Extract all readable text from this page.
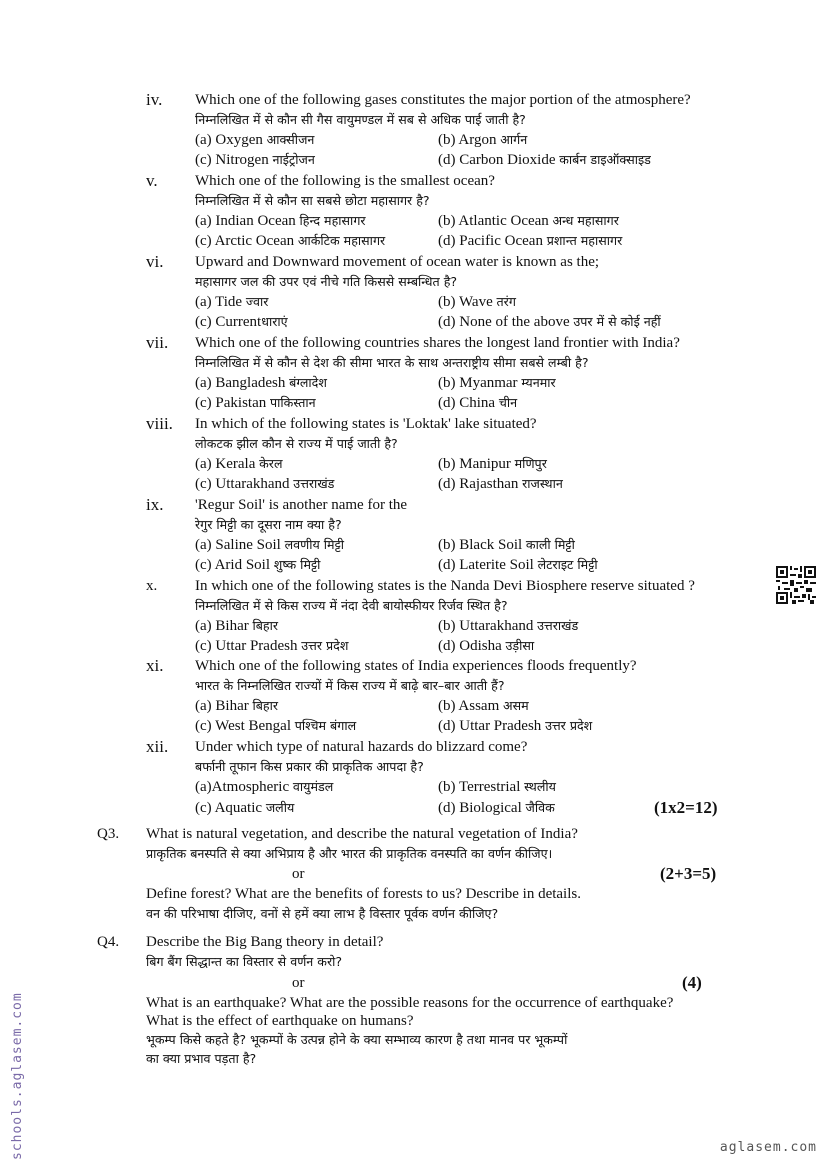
iv. Which one of the following gases constitutes the major portion of the atmosphere?
निम्नलिखित में से कौन सी गैस वायुमण्डल में सब से अधिक पाई जाती है?
(a) Oxygen आक्सीजन	(b) Argon आर्गन
(c) Nitrogen नाईट्रोजन	(d) Carbon Dioxide कार्बन डाइऑक्साइड
v. Which one of the following is the smallest ocean?
निम्नलिखित में से कौन सा सबसे छोटा महासागर है?
(a) Indian Ocean हिन्द महासागर	(b) Atlantic Ocean अन्ध महासागर
(c) Arctic Ocean आर्कटिक महासागर	(d) Pacific Ocean प्रशान्त महासागर
vi. Upward and Downward movement of ocean water is known as the;
महासागर जल की उपर एवं नीचे गति किससे सम्बन्धित है?
(a) Tide ज्वार	(b) Wave तरंग
(c) Currentधाराएं	(d) None of the above उपर में से कोई नहीं
vii. Which one of the following countries shares the longest land frontier with India?
निम्नलिखित में से कौन से देश की सीमा भारत के साथ अन्तराष्ट्रीय सीमा सबसे लम्बी है?
(a) Bangladesh बंग्लादेश	(b) Myanmar म्यनमार
(c) Pakistan पाकिस्तान	(d) China चीन
viii. In which of the following states is 'Loktak' lake situated?
लोकटक झील कौन से राज्य में पाई जाती है?
(a) Kerala केरल	(b) Manipur मणिपुर
(c) Uttarakhand उत्तराखंड	(d) Rajasthan राजस्थान
ix. 'Regur Soil' is another name for the
रेगुर मिट्टी का दूसरा नाम क्या है?
(a) Saline Soil लवणीय मिट्टी	(b) Black Soil काली मिट्टी
(c) Arid Soil शुष्क मिट्टी	(d) Laterite Soil लेटराइट मिट्टी
x.	In which one of the following states is the Nanda Devi Biosphere reserve situated ?
निम्नलिखित में से किस राज्य में नंदा देवी बायोस्फीयर रिर्जव स्थित है?
(a) Bihar बिहार	(b) Uttarakhand उत्तराखंड
(c) Uttar Pradesh उत्तर प्रदेश	(d) Odisha उड़ीसा
xi. Which one of the following states of India experiences floods frequently?
भारत के निम्नलिखित राज्यों में किस राज्य में बाढ़े बार–बार आती हैं?
(a) Bihar बिहार	(b) Assam असम
(c) West Bengal पश्चिम बंगाल	(d) Uttar Pradesh उत्तर प्रदेश
xii. Under which type of natural hazards do blizzard come?
बर्फानी तूफान किस प्रकार की प्राकृतिक आपदा है?
(a)Atmospheric वायुमंडल	(b) Terrestrial स्थलीय
(c) Aquatic जलीय	(d) Biological जैविक	(1x2=12)
Q3. What is natural vegetation, and describe the natural vegetation of India?
प्राकृतिक बनस्पति से क्या अभिप्राय है और भारत की प्राकृतिक वनस्पति का वर्णन कीजिए।
or	(2+3=5)
Define forest? What are the benefits of forests to us? Describe in details.
वन की परिभाषा दीजिए, वनों से हमें क्या लाभ है विस्तार पूर्वक वर्णन कीजिए?
Q4. Describe the Big Bang theory in detail?
बिग बैंग सिद्धान्त का विस्तार से वर्णन करो?
or	(4)
What is an earthquake? What are the possible reasons for the occurrence of earthquake?
What is the effect of earthquake on humans?
भूकम्प किसे कहते है? भूकम्पों के उत्पन्न होने के क्या सम्भाव्य कारण है तथा मानव पर भूकम्पों
का क्या प्रभाव पड़ता है?
schools.aglasem.com	aglasem.com
